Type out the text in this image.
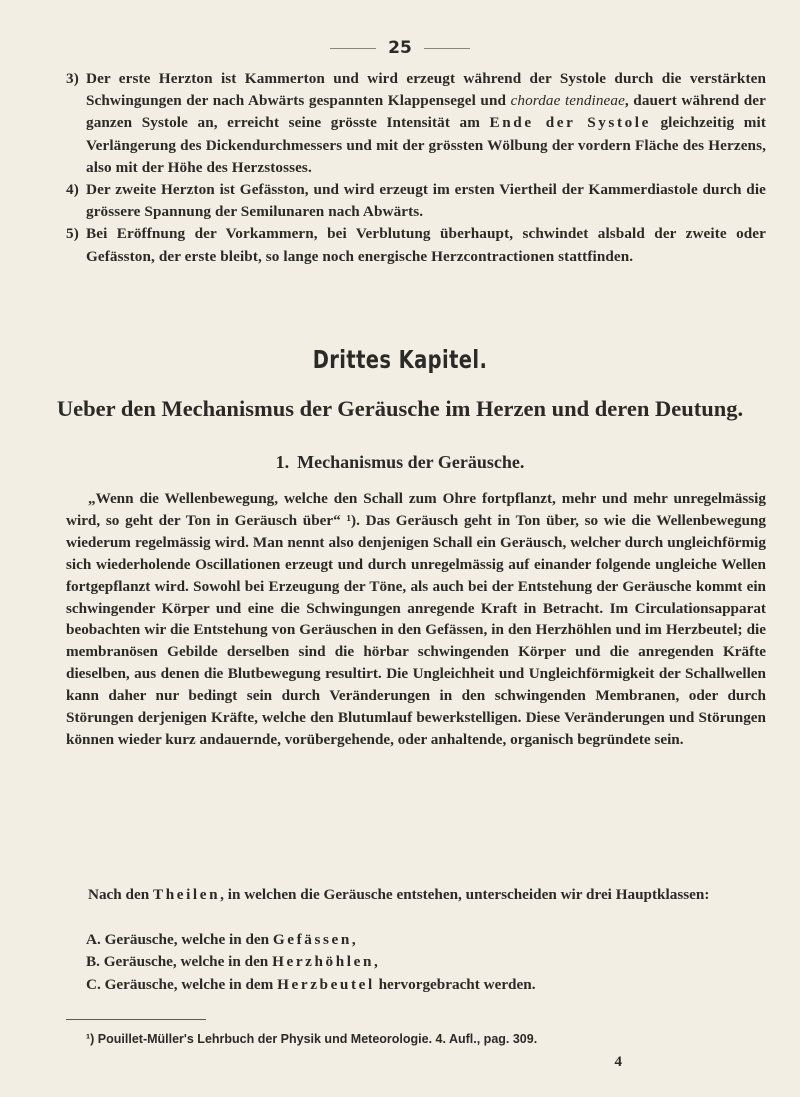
25
3) Der erste Herzton ist Kammerton und wird erzeugt während der Systole durch die verstärkten Schwingungen der nach Abwärts gespannten Klappensegel und chordae tendineae, dauert während der ganzen Systole an, erreicht seine grösste Intensität am Ende der Systole gleichzeitig mit Verlängerung des Dickendurchmessers und mit der grössten Wölbung der vordern Fläche des Herzens, also mit der Höhe des Herzstosses.
4) Der zweite Herzton ist Gefässton, und wird erzeugt im ersten Viertheil der Kammerdiastole durch die grössere Spannung der Semilunaren nach Abwärts.
5) Bei Eröffnung der Vorkammern, bei Verblutung überhaupt, schwindet alsbald der zweite oder Gefässton, der erste bleibt, so lange noch energische Herzcontractionen stattfinden.
Drittes Kapitel.
Ueber den Mechanismus der Geräusche im Herzen und deren Deutung.
1. Mechanismus der Geräusche.
„Wenn die Wellenbewegung, welche den Schall zum Ohre fortpflanzt, mehr und mehr unregelmässig wird, so geht der Ton in Geräusch über“ ¹). Das Geräusch geht in Ton über, so wie die Wellenbewegung wiederum regelmässig wird. Man nennt also denjenigen Schall ein Geräusch, welcher durch ungleichförmig sich wiederholende Oscillationen erzeugt und durch unregelmässig auf einander folgende ungleiche Wellen fortgepflanzt wird. Sowohl bei Erzeugung der Töne, als auch bei der Entstehung der Geräusche kommt ein schwingender Körper und eine die Schwingungen anregende Kraft in Betracht. Im Circulationsapparat beobachten wir die Entstehung von Geräuschen in den Gefässen, in den Herzhöhlen und im Herzbeutel; die membranösen Gebilde derselben sind die hörbar schwingenden Körper und die anregenden Kräfte dieselben, aus denen die Blutbewegung resultirt. Die Ungleichheit und Ungleichförmigkeit der Schallwellen kann daher nur bedingt sein durch Veränderungen in den schwingenden Membranen, oder durch Störungen derjenigen Kräfte, welche den Blutumlauf bewerkstelligen. Diese Veränderungen und Störungen können wieder kurz andauernde, vorübergehende, oder anhaltende, organisch begründete sein.
Nach den Theilen, in welchen die Geräusche entstehen, unterscheiden wir drei Hauptklassen:
A. Geräusche, welche in den Gefässen,
B. Geräusche, welche in den Herzhöhlen,
C. Geräusche, welche in dem Herzbeutel hervorgebracht werden.
¹) Pouillet-Müller's Lehrbuch der Physik und Meteorologie. 4. Aufl., pag. 309.
4
